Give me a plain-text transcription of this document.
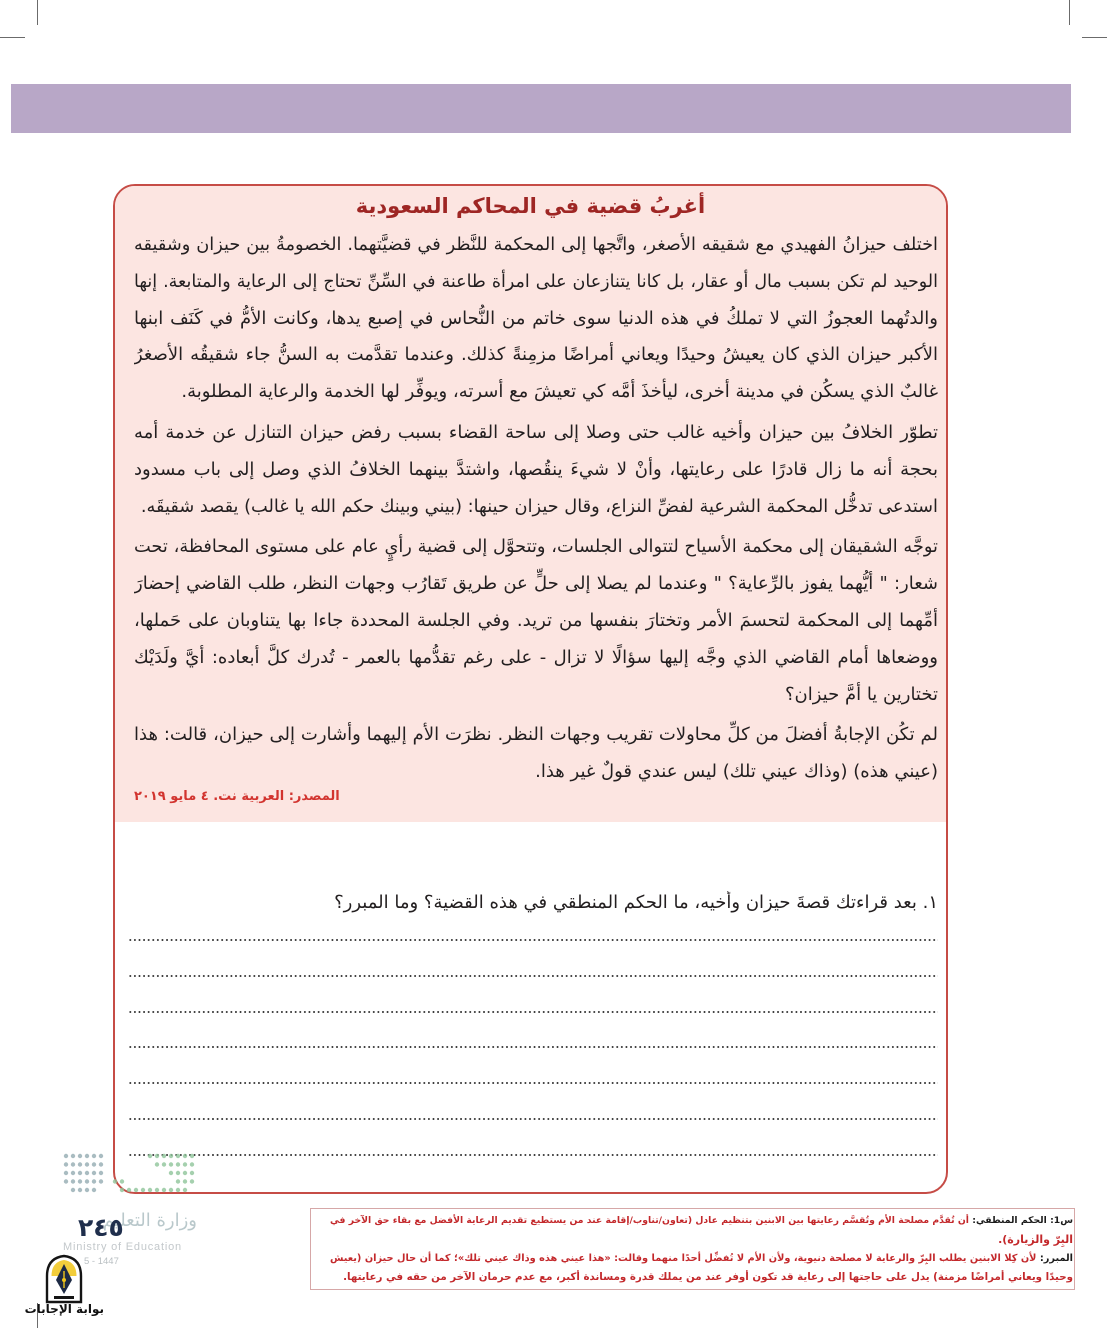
أغربُ قضية في المحاكم السعودية
اختلف حيزانُ الفهيدي مع شقيقه الأصغر، واتَّجها إلى المحكمة للنَّظر في قضيَّتهما. الخصومةُ بين حيزان وشقيقه
الوحيد لم تكن بسبب مال أو عقار، بل كانا يتنازعان على امرأة طاعنة في السِّنِّ تحتاج إلى الرعاية والمتابعة. إنها
والدتُهما العجوزُ التي لا تملكُ في هذه الدنيا سوى خاتم من النُّحاس في إصبع يدها، وكانت الأمُّ في كَنَف ابنها
الأكبر حيزان الذي كان يعيشُ وحيدًا ويعاني أمراضًا مزمِنةً كذلك. وعندما تقدَّمت به السنُّ جاء شقيقُه الأصغرُ
غالبٌ الذي يسكُن في مدينة أخرى، ليأخذَ أمَّه كي تعيشَ مع أسرته، ويوفِّر لها الخدمة والرعاية المطلوبة.
تطوّر الخلافُ بين حيزان وأخيه غالب حتى وصلا إلى ساحة القضاء بسبب رفض حيزان التنازل عن خدمة أمه
بحجة أنه ما زال قادرًا على رعايتها، وأنْ لا شيءَ ينقُصها، واشتدَّ بينهما الخلافُ الذي وصل إلى باب مسدود
استدعى تدخُّل المحكمة الشرعية لفضِّ النزاع، وقال حيزان حينها: (بيني وبينك حكم الله يا غالب) يقصد شقيقَه.
توجَّه الشقيقان إلى محكمة الأسياح لتتوالى الجلسات، وتتحوَّل إلى قضية رأيٍ عام على مستوى المحافظة، تحت
شعار: " أيُّهما يفوز بالرِّعاية؟ " وعندما لم يصلا إلى حلٍّ عن طريق تَقارُب وجهات النظر، طلب القاضي إحضارَ
أمِّهما إلى المحكمة لتحسمَ الأمر وتختارَ بنفسها من تريد. وفي الجلسة المحددة جاءا بها يتناوبان على حَملها،
ووضعاها أمام القاضي الذي وجَّه إليها سؤالًا لا تزال - على رغم تقدُّمها بالعمر - تُدرك كلَّ أبعاده: أيَّ ولَدَيْك
تختارين يا أمَّ حيزان؟
لم تكُن الإجابةُ أفضلَ من كلِّ محاولات تقريب وجهات النظر. نظرَت الأم إليهما وأشارت إلى حيزان، قالت: هذا
(عيني هذه) (وذاك عيني تلك) ليس عندي قولٌ غير هذا.
المصدر: العربية نت. ٤ مايو ٢٠١٩
١. بعد قراءتك قصةَ حيزان وأخيه، ما الحكم المنطقي في هذه القضية؟ وما المبرر؟
وزارة التعليم
Ministry of Education
5 - 1447
٢٤٥
بوابة الإجابات
س1: الحكم المنطقي: أن تُقدَّم مصلحة الأم وتُقسَّم رعايتها بين الابنين بتنظيم عادل (تعاون/تناوب/إقامة عند من يستطيع تقديم الرعاية الأفضل مع بقاء حق الآخر في
البِرّ والزيارة).
المبرر: لأن كِلا الابنين يطلب البِرّ والرعاية لا مصلحة دنيوية، ولأن الأم لا تُفضِّل أحدًا منهما وقالت: «هذا عيني هذه وذاك عيني تلك»؛ كما أن حال حيزان (يعيش
وحيدًا ويعاني أمراضًا مزمنة) يدل على حاجتها إلى رعاية قد تكون أوفر عند من يملك قدرة ومساندة أكبر، مع عدم حرمان الآخر من حقه في رعايتها.
